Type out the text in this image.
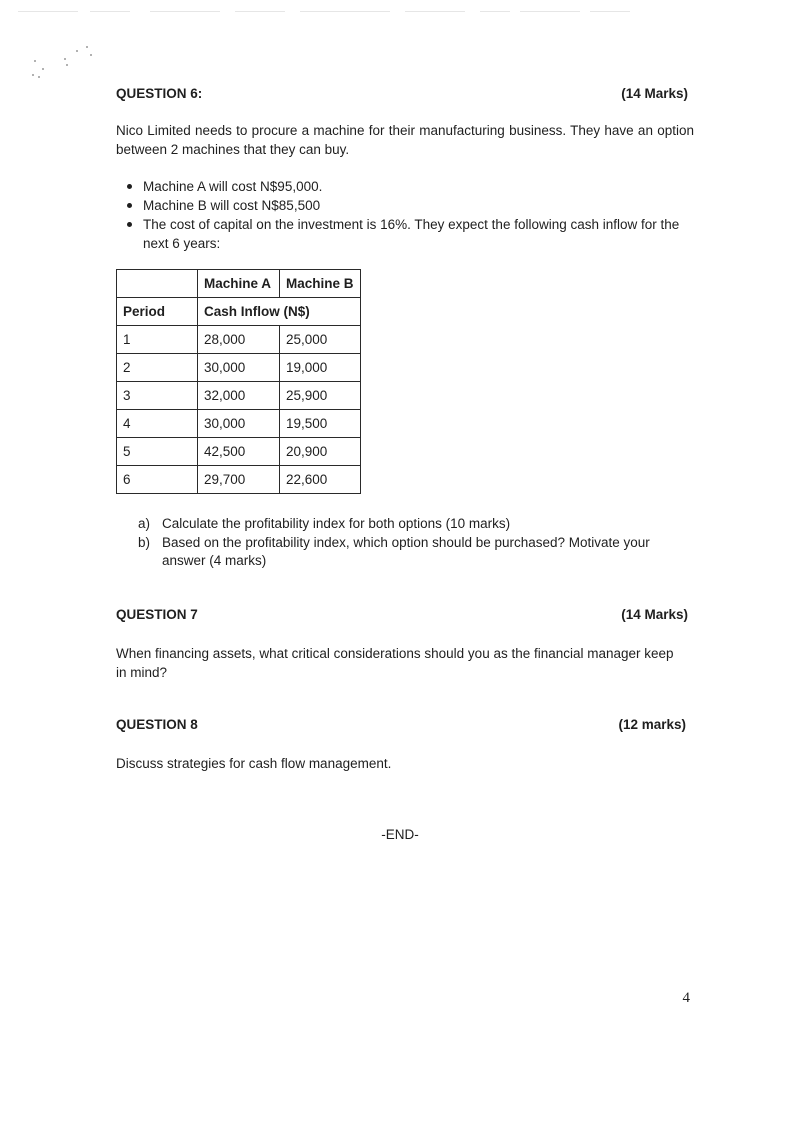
QUESTION 6:	(14 Marks)
Nico Limited needs to procure a machine for their manufacturing business. They have an option between 2 machines that they can buy.
Machine A will cost N$95,000.
Machine B will cost N$85,500
The cost of capital on the investment is 16%. They expect the following cash inflow for the next 6 years:
	Machine A	Machine B
Period	Cash Inflow (N$)	
1	28,000	25,000
2	30,000	19,000
3	32,000	25,900
4	30,000	19,500
5	42,500	20,900
6	29,700	22,600
a) Calculate the profitability index for both options (10 marks)
b) Based on the profitability index, which option should be purchased? Motivate your answer (4 marks)
QUESTION 7	(14 Marks)
When financing assets, what critical considerations should you as the financial manager keep in mind?
QUESTION 8	(12 marks)
Discuss strategies for cash flow management.
-END-
4
